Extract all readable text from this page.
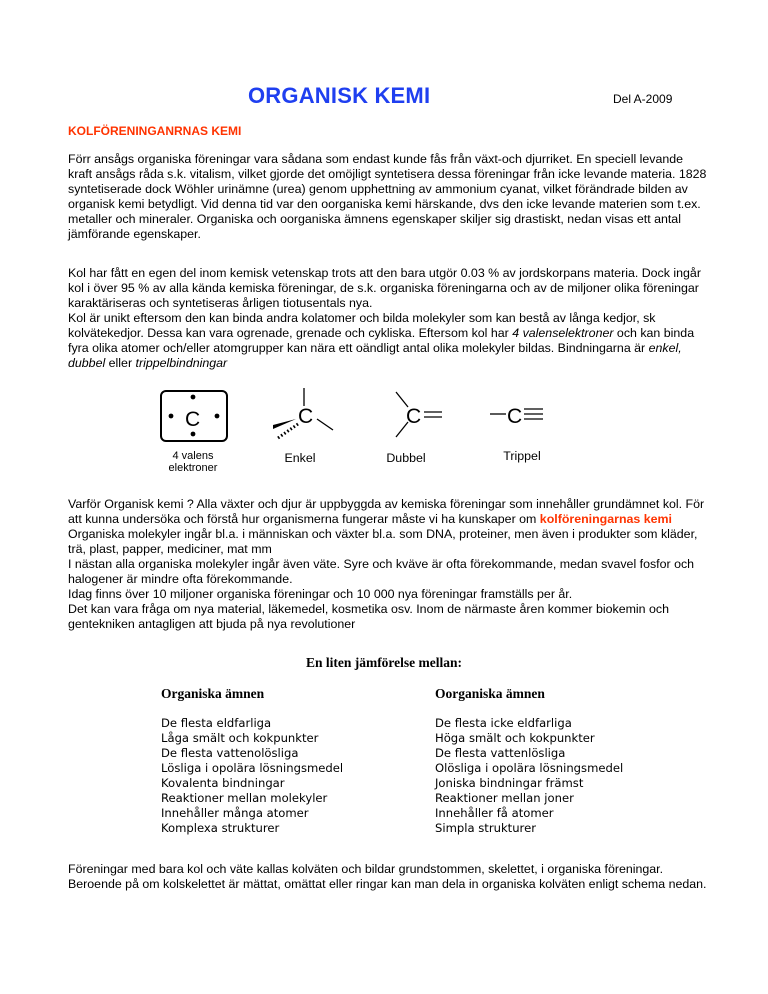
ORGANISK KEMI	Del A-2009
KOLFÖRENINGANRNAS KEMI

Förr ansågs organiska föreningar vara sådana som endast kunde fås från växt-och djurriket. En speciell levande kraft ansågs råda s.k. vitalism, vilket gjorde det omöjligt syntetisera dessa föreningar från icke levande materia. 1828 syntetiserade dock Wöhler urinämne (urea) genom upphettning av ammonium cyanat, vilket förändrade bilden av organisk kemi betydligt. Vid denna tid var den oorganiska kemi härskande, dvs den icke levande materien som t.ex. metaller och mineraler. Organiska och oorganiska ämnens egenskaper skiljer sig drastiskt, nedan visas ett antal jämförande egenskaper.

Kol har fått en egen del inom kemisk vetenskap trots att den bara utgör 0.03 % av jordskorpans materia. Dock ingår kol i över 95 % av alla kända kemiska föreningar, de s.k. organiska föreningarna och av de miljoner olika föreningar karaktäriseras och syntetiseras årligen tiotusentals nya.
Kol är unikt eftersom den kan binda andra kolatomer och bilda molekyler som kan bestå av långa kedjor, sk kolvätekedjor. Dessa kan vara ogrenade, grenade och cykliska. Eftersom kol har 4 valenselektroner och kan binda fyra olika atomer och/eller atomgrupper kan nära ett oändligt antal olika molekyler bildas. Bindningarna är enkel, dubbel eller trippelbindningar

C
4 valens
elektroner
C
Enkel
C
Dubbel
C
Trippel

Varför Organisk kemi ? Alla växter och djur är uppbyggda av kemiska föreningar som innehåller grundämnet kol. För att kunna undersöka och förstå hur organismerna fungerar måste vi ha kunskaper om kolföreningarnas kemi Organiska molekyler ingår bl.a. i människan och växter bl.a. som DNA, proteiner, men även i produkter som kläder, trä, plast, papper, mediciner, mat mm
I nästan alla organiska molekyler ingår även väte. Syre och kväve är ofta förekommande, medan svavel fosfor och halogener är mindre ofta förekommande.
Idag finns över 10 miljoner organiska föreningar och 10 000 nya föreningar framställs per år.
Det kan vara fråga om nya material, läkemedel, kosmetika osv. Inom de närmaste åren kommer biokemin och gentekniken antagligen att bjuda på nya revolutioner

En liten jämförelse mellan:
Organiska ämnen	Oorganiska ämnen
De flesta eldfarliga
Låga smält och kokpunkter
De flesta vattenolösliga
Lösliga i opolära lösningsmedel
Kovalenta bindningar
Reaktioner mellan molekyler
Innehåller många atomer
Komplexa strukturer
De flesta icke eldfarliga
Höga smält och kokpunkter
De flesta vattenlösliga
Olösliga i opolära lösningsmedel
Joniska bindningar främst
Reaktioner mellan joner
Innehåller få atomer
Simpla strukturer

Föreningar med bara kol och väte kallas kolväten och bildar grundstommen, skelettet, i organiska föreningar. Beroende på om kolskelettet är mättat, omättat eller ringar kan man dela in organiska kolväten enligt schema nedan.
